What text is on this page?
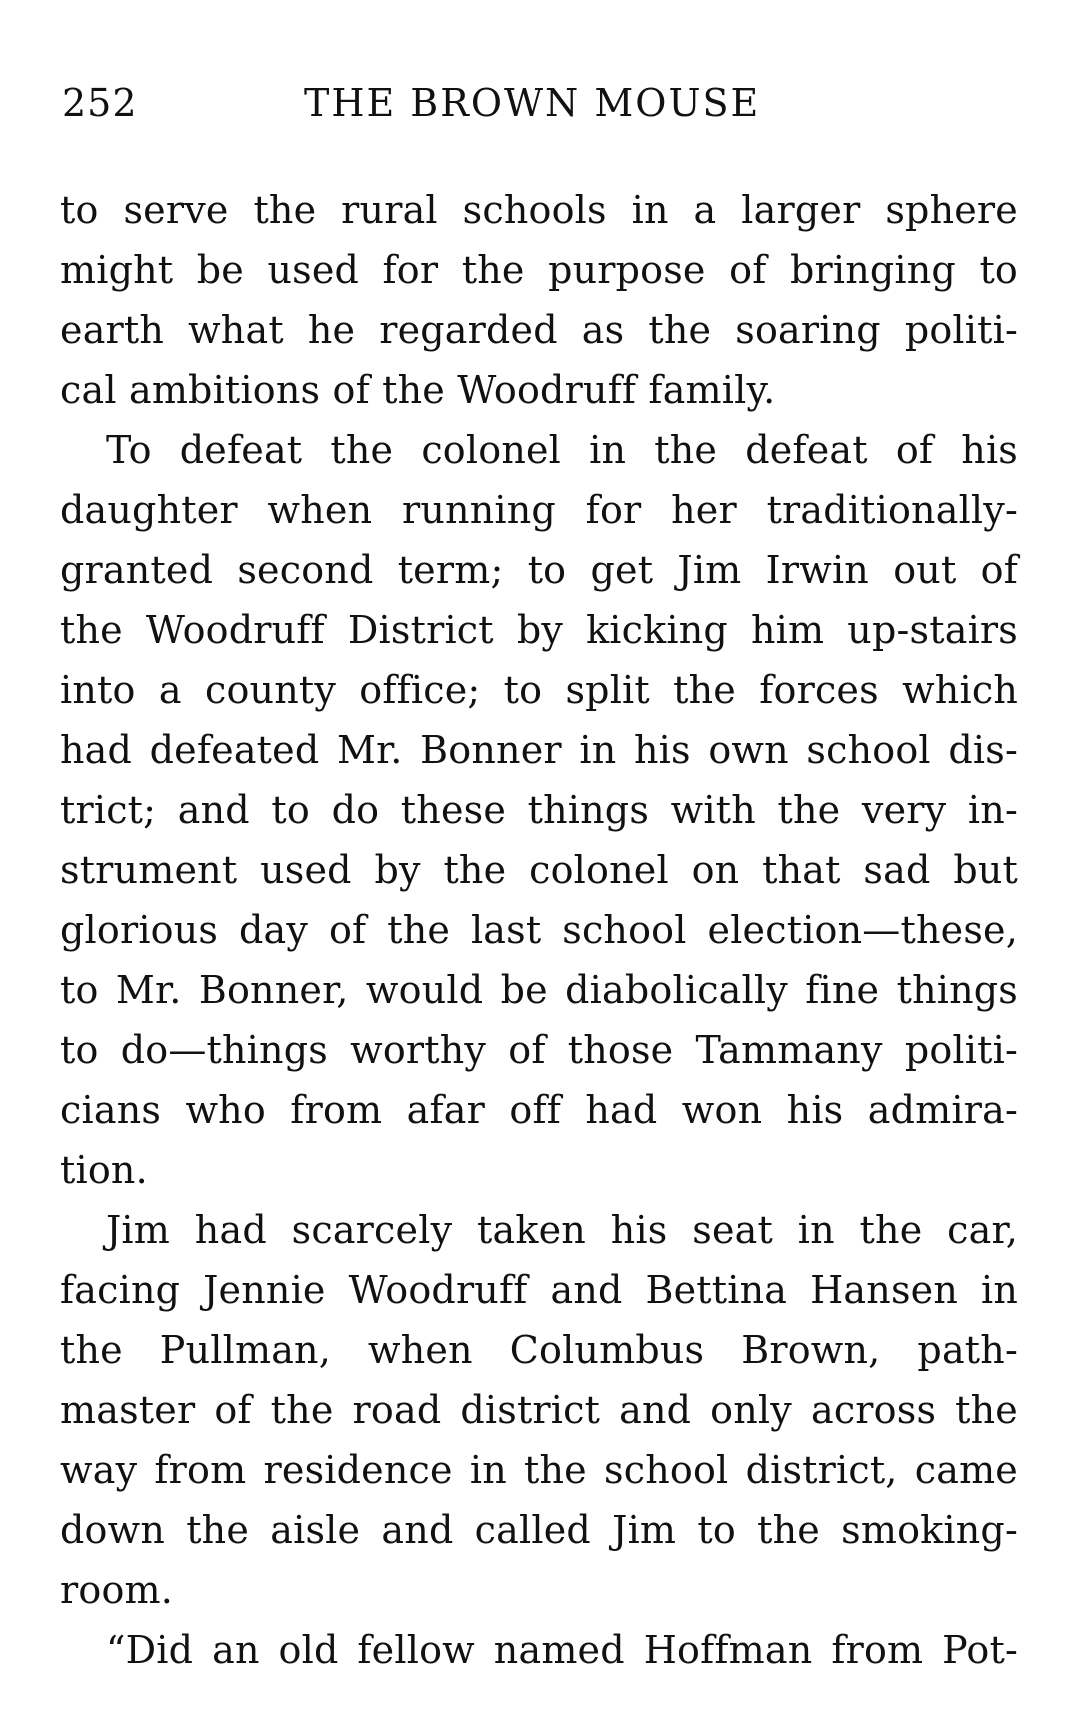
252	THE BROWN MOUSE
to serve the rural schools in a larger sphere
might be used for the purpose of bringing to
earth what he regarded as the soaring politi-
cal ambitions of the Woodruff family.
To defeat the colonel in the defeat of his
daughter when running for her traditionally-
granted second term; to get Jim Irwin out of
the Woodruff District by kicking him up-stairs
into a county office; to split the forces which
had defeated Mr. Bonner in his own school dis-
trict; and to do these things with the very in-
strument used by the colonel on that sad but
glorious day of the last school election—these,
to Mr. Bonner, would be diabolically fine things
to do—things worthy of those Tammany politi-
cians who from afar off had won his admira-
tion.
Jim had scarcely taken his seat in the car,
facing Jennie Woodruff and Bettina Hansen in
the Pullman, when Columbus Brown, path-
master of the road district and only across the
way from residence in the school district, came
down the aisle and called Jim to the smoking-
room.
“Did an old fellow named Hoffman from Pot-
